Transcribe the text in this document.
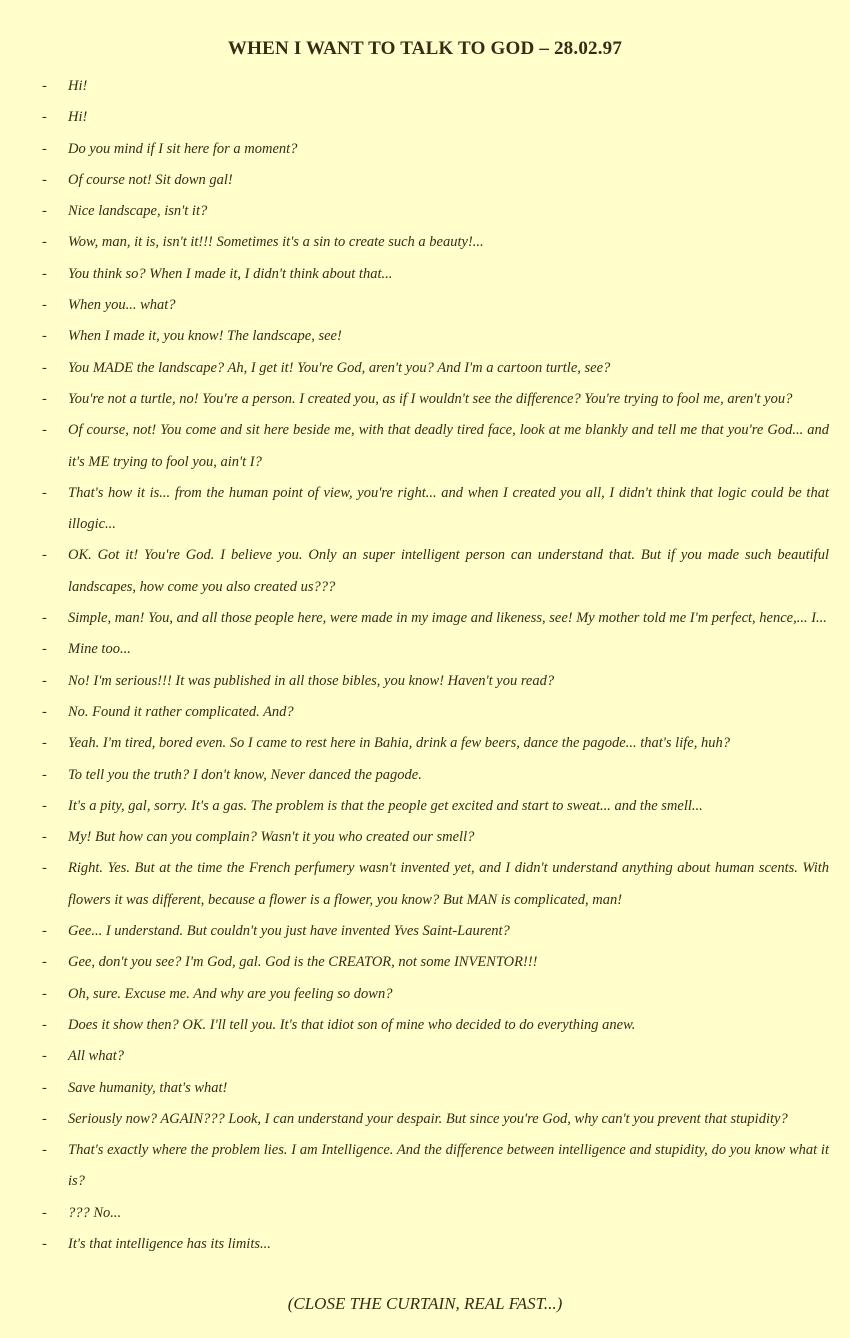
WHEN I WANT TO TALK TO GOD – 28.02.97
- Hi!
- Hi!
- Do you mind if I sit here for a moment?
- Of course not! Sit down gal!
- Nice landscape, isn't it?
- Wow, man, it is, isn't it!!! Sometimes it's a sin to create such a beauty!...
- You think so? When I made it, I didn't think about that...
- When you... what?
- When I made it, you know! The landscape, see!
- You MADE the landscape? Ah, I get it! You're God, aren't you? And I'm a cartoon turtle, see?
- You're not a turtle, no! You're a person. I created you, as if I wouldn't see the difference? You're trying to fool me, aren't you?
- Of course, not! You come and sit here beside me, with that deadly tired face, look at me blankly and tell me that you're God... and it's ME trying to fool you, ain't I?
- That's how it is... from the human point of view, you're right... and when I created you all, I didn't think that logic could be that illogic...
- OK. Got it! You're God. I believe you. Only an super intelligent person can understand that. But if you made such beautiful landscapes, how come you also created us???
- Simple, man! You, and all those people here, were made in my image and likeness, see! My mother told me I'm perfect, hence,... I...
- Mine too...
- No! I'm serious!!! It was published in all those bibles, you know! Haven't you read?
- No. Found it rather complicated. And?
- Yeah. I'm tired, bored even. So I came to rest here in Bahia, drink a few beers, dance the pagode... that's life, huh?
- To tell you the truth? I don't know, Never danced the pagode.
- It's a pity, gal, sorry. It's a gas. The problem is that the people get excited and start to sweat... and the smell...
- My! But how can you complain? Wasn't it you who created our smell?
- Right. Yes. But at the time the French perfumery wasn't invented yet, and I didn't understand anything about human scents. With flowers it was different, because a flower is a flower, you know? But MAN is complicated, man!
- Gee... I understand. But couldn't you just have invented Yves Saint-Laurent?
- Gee, don't you see? I'm God, gal. God is the CREATOR, not some INVENTOR!!!
- Oh, sure. Excuse me. And why are you feeling so down?
- Does it show then? OK. I'll tell you. It's that idiot son of mine who decided to do everything anew.
- All what?
- Save humanity, that's what!
- Seriously now? AGAIN??? Look, I can understand your despair. But since you're God, why can't you prevent that stupidity?
- That's exactly where the problem lies. I am Intelligence. And the difference between intelligence and stupidity, do you know what it is?
- ??? No...
- It's that intelligence has its limits...
(CLOSE THE CURTAIN, REAL FAST...)
